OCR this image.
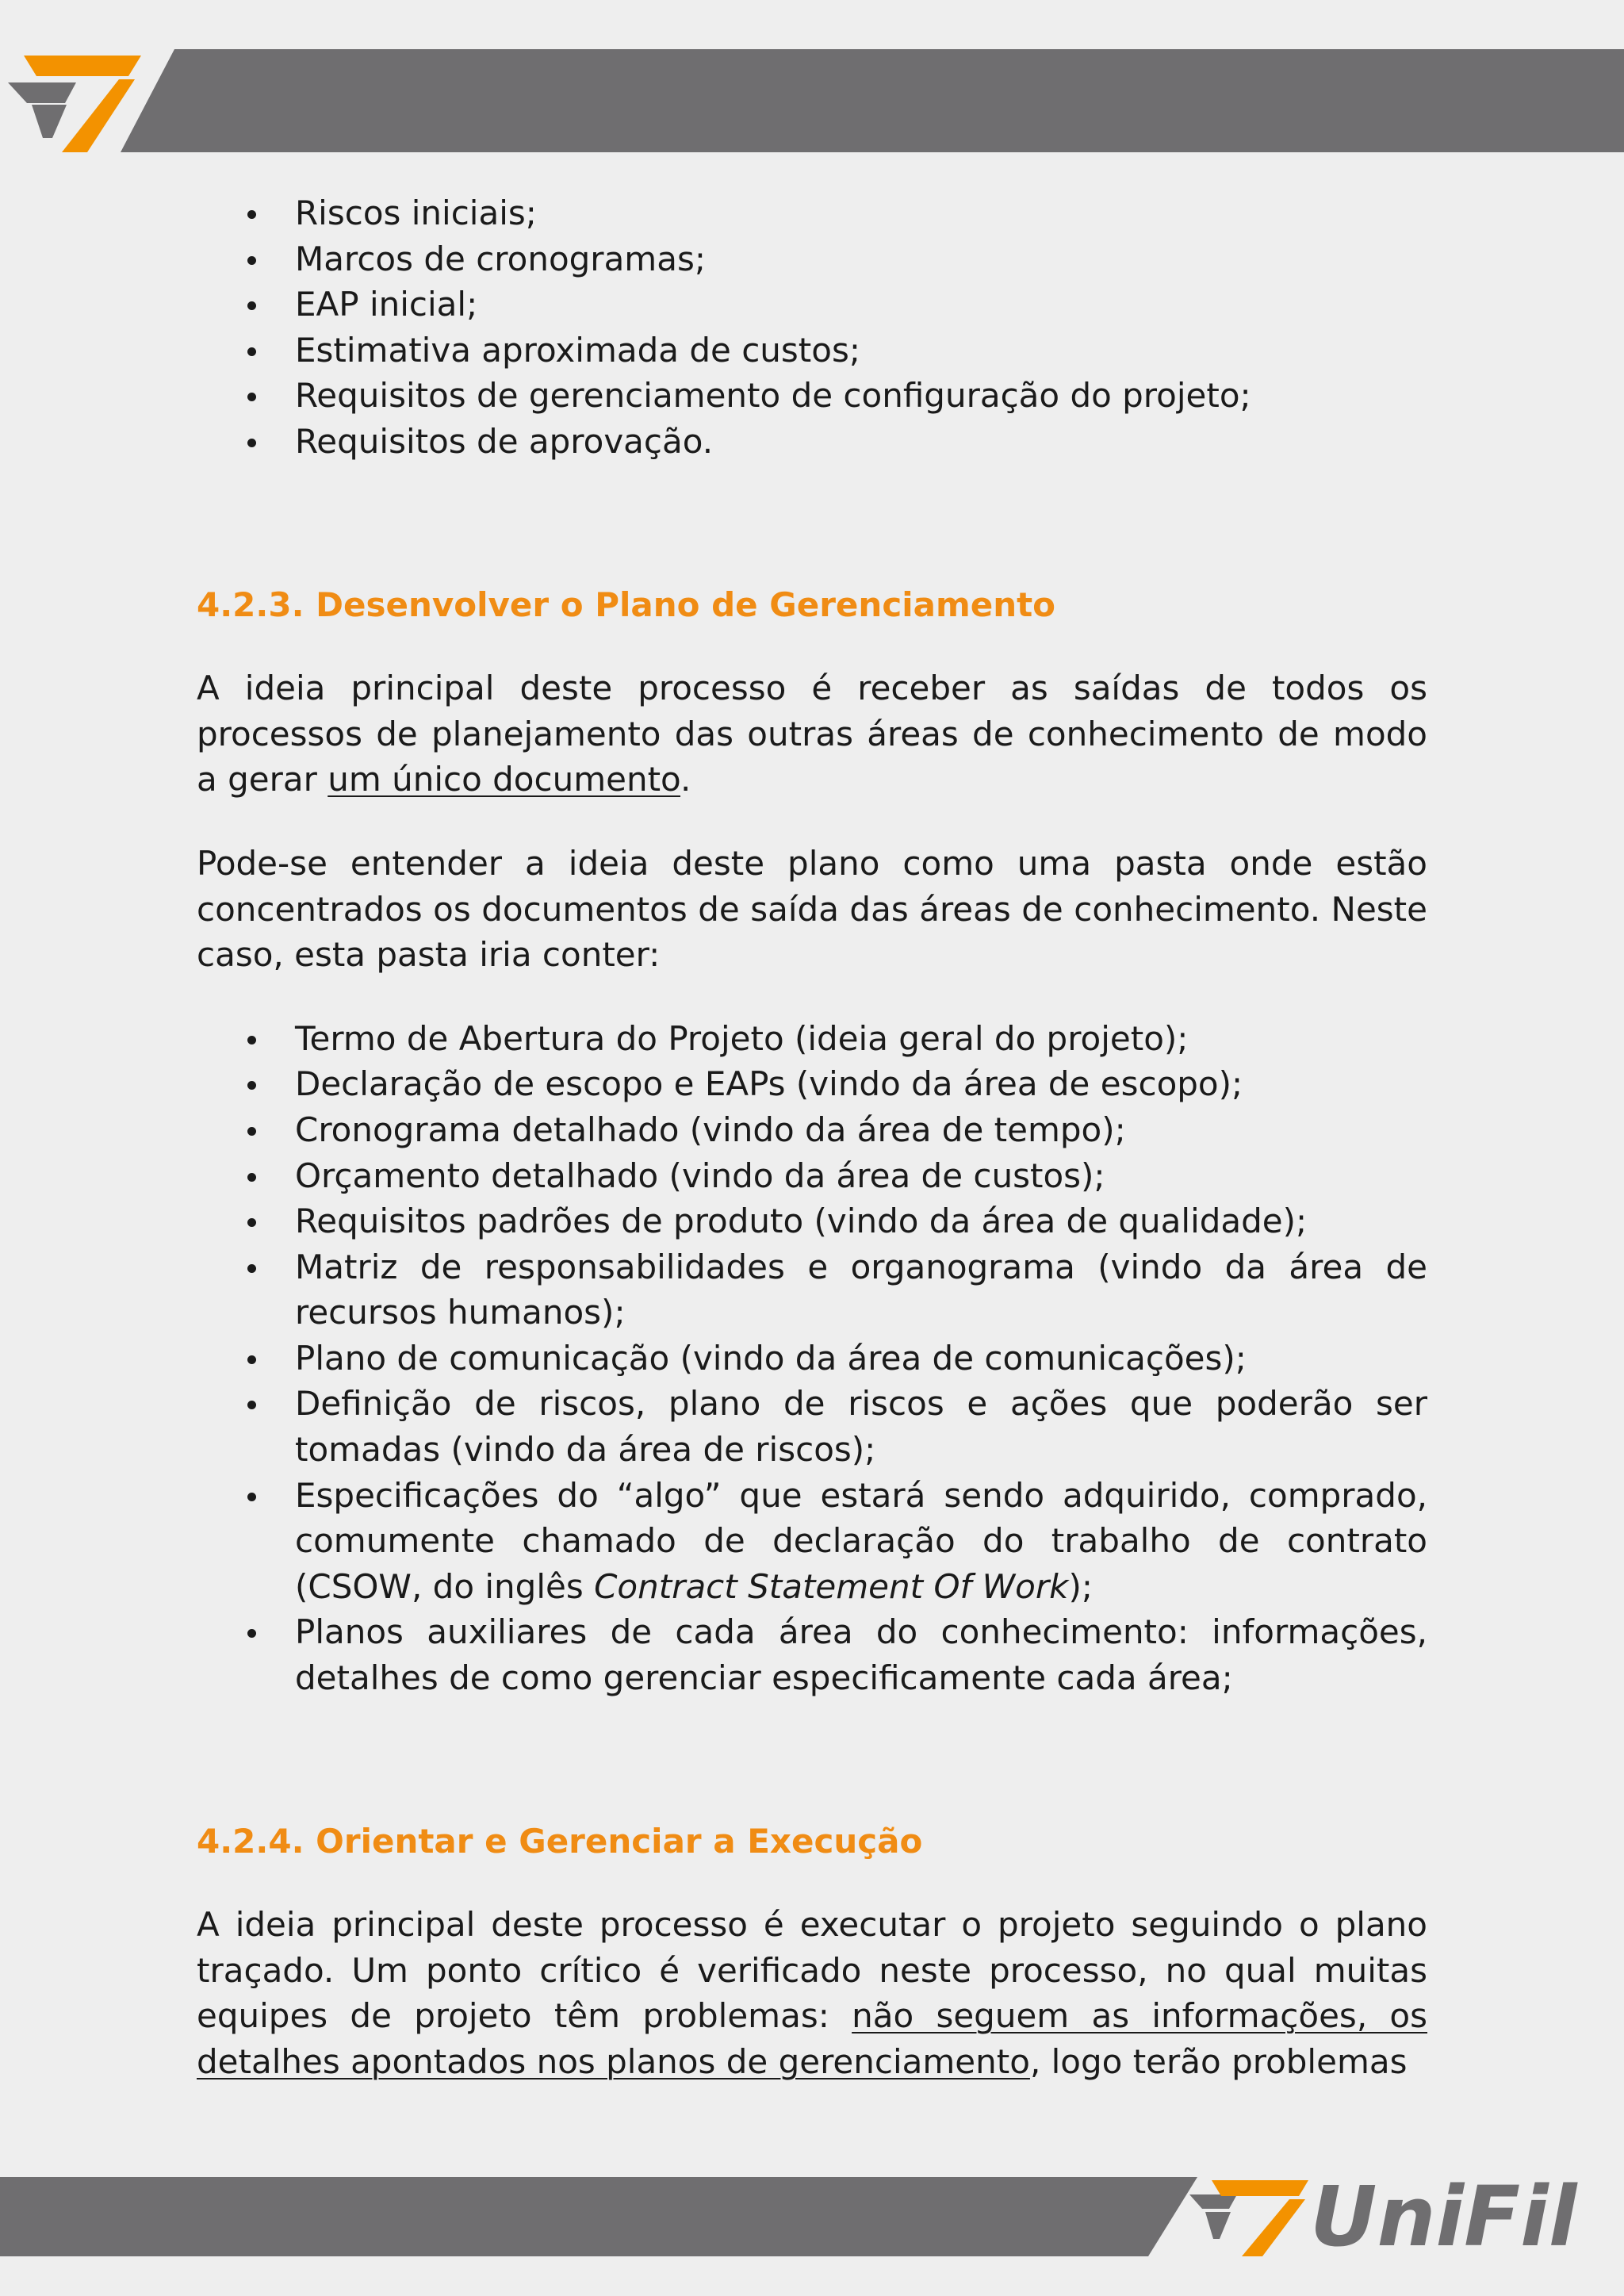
Riscos iniciais;
Marcos de cronogramas;
EAP inicial;
Estimativa aproximada de custos;
Requisitos de gerenciamento de configuração do projeto;
Requisitos de aprovação.
4.2.3. Desenvolver o Plano de Gerenciamento

A ideia principal deste processo é receber as saídas de todos os processos de planejamento das outras áreas de conhecimento de modo a gerar um único documento.

Pode-se entender a ideia deste plano como uma pasta onde estão concentrados os documentos de saída das áreas de conhecimento. Neste caso, esta pasta iria conter:

Termo de Abertura do Projeto (ideia geral do projeto);
Declaração de escopo e EAPs (vindo da área de escopo);
Cronograma detalhado (vindo da área de tempo);
Orçamento detalhado (vindo da área de custos);
Requisitos padrões de produto (vindo da área de qualidade);
Matriz de responsabilidades e organograma (vindo da área de recursos humanos);
Plano de comunicação (vindo da área de comunicações);
Definição de riscos, plano de riscos e ações que poderão ser tomadas (vindo da área de riscos);
Especificações do “algo” que estará sendo adquirido, comprado, comumente chamado de declaração do trabalho de contrato (CSOW, do inglês Contract Statement Of Work);
Planos auxiliares de cada área do conhecimento: informações, detalhes de como gerenciar especificamente cada área;
4.2.4. Orientar e Gerenciar a Execução

A ideia principal deste processo é executar o projeto seguindo o plano traçado. Um ponto crítico é verificado neste processo, no qual muitas equipes de projeto têm problemas: não seguem as informações, os detalhes apontados nos planos de gerenciamento, logo terão problemas

UniFil
